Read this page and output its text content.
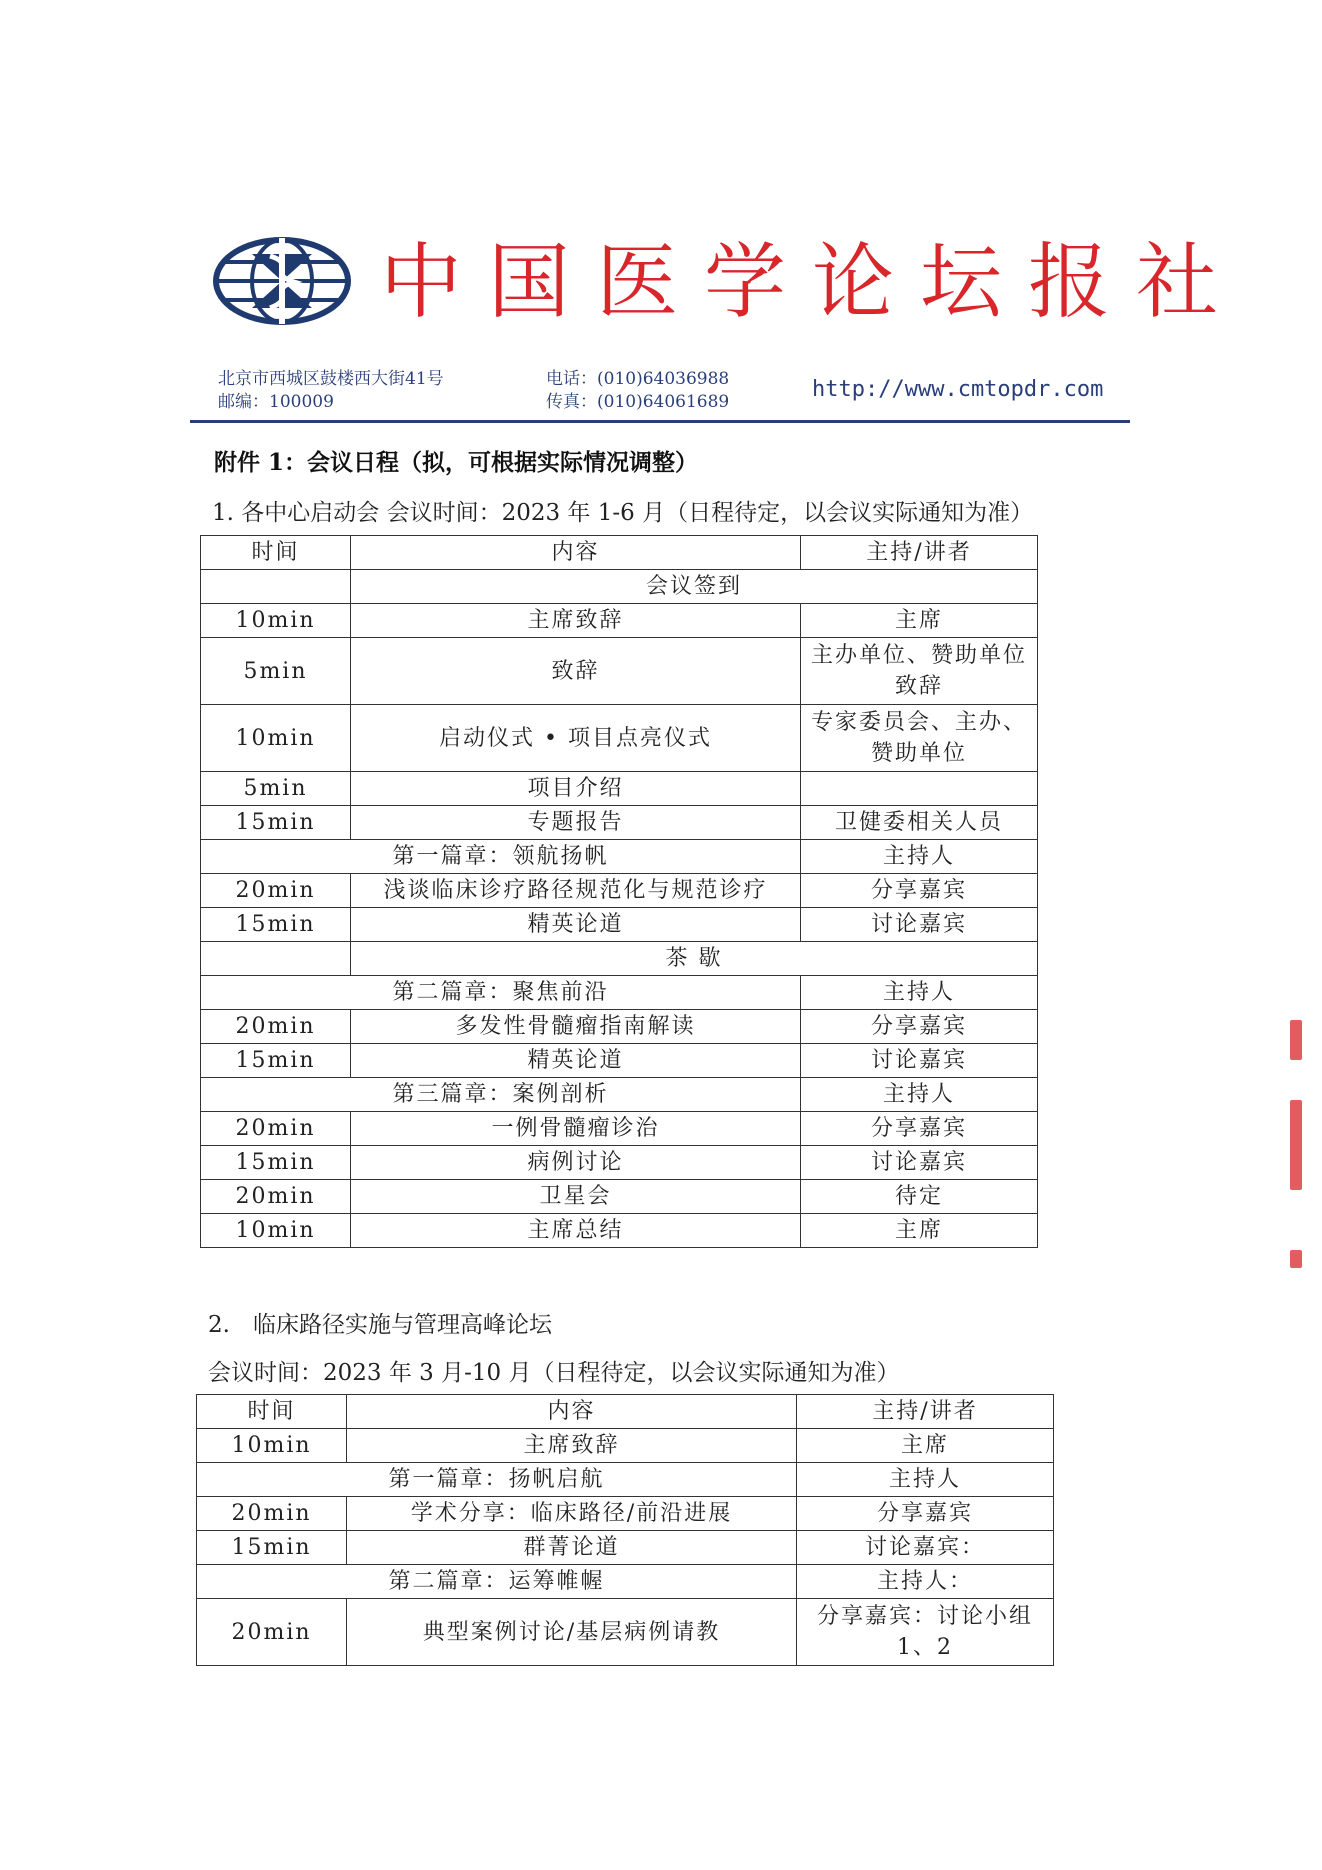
中国医学论坛报社
北京市西城区鼓楼西大街41号
邮编：100009
电话：(010)64036988
传真：(010)64061689	http://www.cmtopdr.com
附件 1：会议日程（拟，可根据实际情况调整）
1. 各中心启动会 会议时间：2023 年 1-6 月（日程待定，以会议实际通知为准）
时间	内容	主持/讲者
	会议签到	
10min	主席致辞	主席
5min	致辞	主办单位、赞助单位致辞
10min	启动仪式 • 项目点亮仪式	专家委员会、主办、赞助单位
5min	项目介绍	
15min	专题报告	卫健委相关人员
第一篇章：领航扬帆		主持人
20min	浅谈临床诊疗路径规范化与规范诊疗	分享嘉宾
15min	精英论道	讨论嘉宾
	茶 歇	
第二篇章：聚焦前沿		主持人
20min	多发性骨髓瘤指南解读	分享嘉宾
15min	精英论道	讨论嘉宾
第三篇章：案例剖析		主持人
20min	一例骨髓瘤诊治	分享嘉宾
15min	病例讨论	讨论嘉宾
20min	卫星会	待定
10min	主席总结	主席
2.　临床路径实施与管理高峰论坛
会议时间：2023 年 3 月-10 月（日程待定，以会议实际通知为准）
时间	内容	主持/讲者
10min	主席致辞	主席
第一篇章：扬帆启航		主持人
20min	学术分享：临床路径/前沿进展	分享嘉宾
15min	群菁论道	讨论嘉宾：
第二篇章：运筹帷幄		主持人：
20min	典型案例讨论/基层病例请教	分享嘉宾：讨论小组 1、2
